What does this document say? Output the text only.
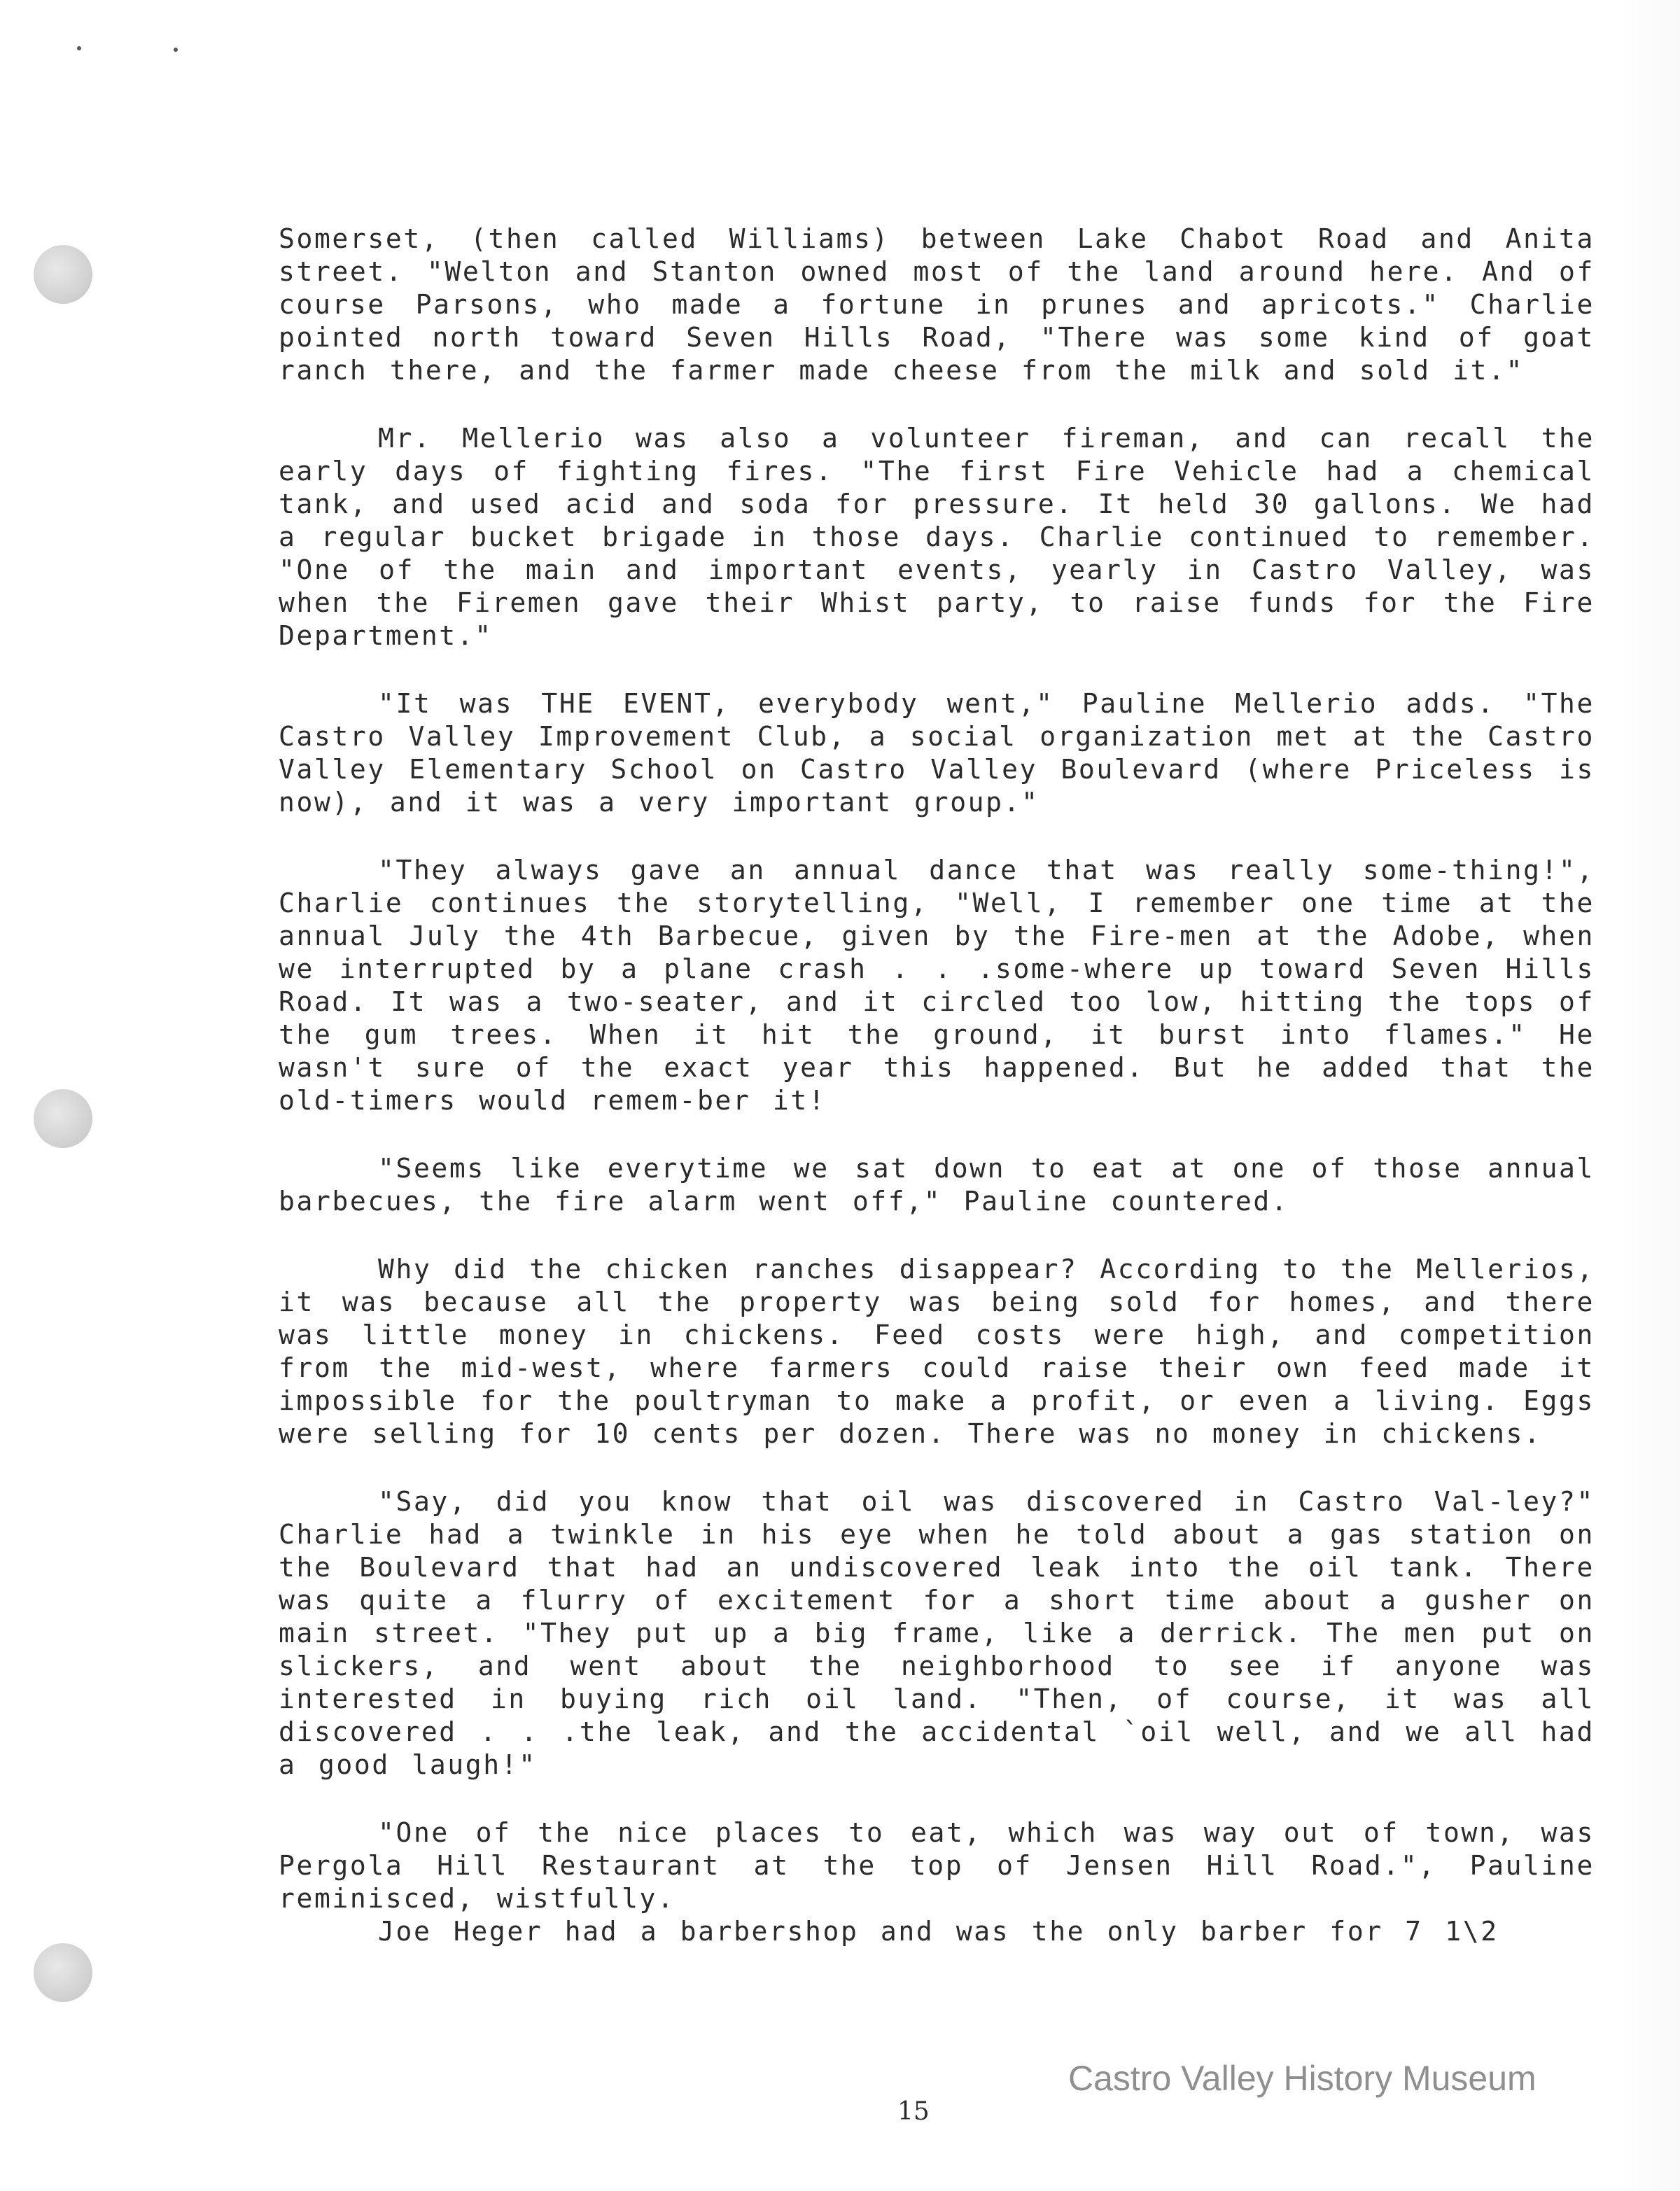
Somerset, (then called Williams) between Lake Chabot Road and Anita street. "Welton and Stanton owned most of the land around here. And of course Parsons, who made a fortune in prunes and apricots." Charlie pointed north toward Seven Hills Road, "There was some kind of goat ranch there, and the farmer made cheese from the milk and sold it."

Mr. Mellerio was also a volunteer fireman, and can recall the early days of fighting fires. "The first Fire Vehicle had a chemical tank, and used acid and soda for pressure. It held 30 gallons. We had a regular bucket brigade in those days. Charlie continued to remember. "One of the main and important events, yearly in Castro Valley, was when the Firemen gave their Whist party, to raise funds for the Fire Department."

"It was THE EVENT, everybody went," Pauline Mellerio adds. "The Castro Valley Improvement Club, a social organization met at the Castro Valley Elementary School on Castro Valley Boulevard (where Priceless is now), and it was a very important group."

"They always gave an annual dance that was really some-thing!", Charlie continues the storytelling, "Well, I remember one time at the annual July the 4th Barbecue, given by the Fire-men at the Adobe, when we interrupted by a plane crash . . .some-where up toward Seven Hills Road. It was a two-seater, and it circled too low, hitting the tops of the gum trees. When it hit the ground, it burst into flames." He wasn't sure of the exact year this happened. But he added that the old-timers would remem-ber it!

"Seems like everytime we sat down to eat at one of those annual barbecues, the fire alarm went off," Pauline countered.

Why did the chicken ranches disappear? According to the Mellerios, it was because all the property was being sold for homes, and there was little money in chickens. Feed costs were high, and competition from the mid-west, where farmers could raise their own feed made it impossible for the poultryman to make a profit, or even a living. Eggs were selling for 10 cents per dozen. There was no money in chickens.

"Say, did you know that oil was discovered in Castro Val-ley?" Charlie had a twinkle in his eye when he told about a gas station on the Boulevard that had an undiscovered leak into the oil tank. There was quite a flurry of excitement for a short time about a gusher on main street. "They put up a big frame, like a derrick. The men put on slickers, and went about the neighborhood to see if anyone was interested in buying rich oil land. "Then, of course, it was all discovered . . .the leak, and the accidental `oil well, and we all had a good laugh!"

"One of the nice places to eat, which was way out of town, was Pergola Hill Restaurant at the top of Jensen Hill Road.", Pauline reminisced, wistfully.

Joe Heger had a barbershop and was the only barber for 7 1\2

Castro Valley History Museum
15
